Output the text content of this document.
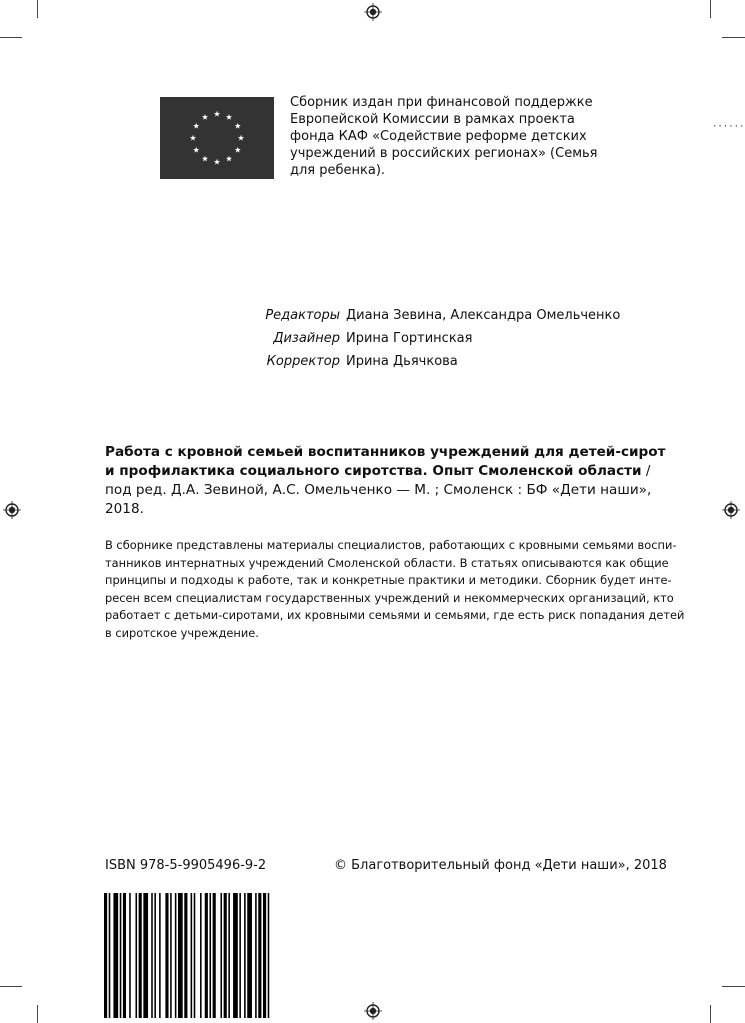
······
Сборник издан при финансовой поддержке
Европейской Комиссии в рамках проекта
фонда КАФ «Содействие реформе детских
учреждений в российских регионах» (Семья
для ребенка).
Редакторы Диана Зевина, Александра Омельченко
Дизайнер Ирина Гортинская
Корректор Ирина Дьячкова
Работа с кровной семьей воспитанников учреждений для детей-сирот
и профилактика социального сиротства. Опыт Смоленской области /
под ред. Д.А. Зевиной, А.С. Омельченко — М. ; Смоленск : БФ «Дети наши»,
2018.
В сборнике представлены материалы специалистов, работающих с кровными семьями воспи-
танников интернатных учреждений Смоленской области. В статьях описываются как общие
принципы и подходы к работе, так и конкретные практики и методики. Сборник будет инте-
ресен всем специалистам государственных учреждений и некоммерческих организаций, кто
работает с детьми-сиротами, их кровными семьями и семьями, где есть риск попадания детей
в сиротское учреждение.
ISBN 978-5-9905496-9-2	© Благотворительный фонд «Дети наши», 2018
